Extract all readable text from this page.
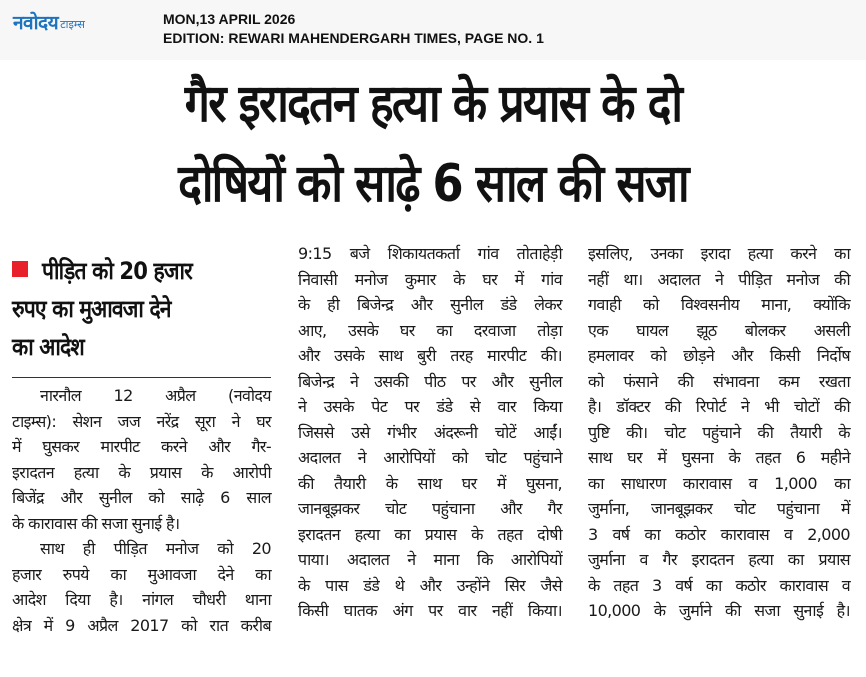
नवोदय टाइम्स	MON,13 APRIL 2026
EDITION: REWARI MAHENDERGARH TIMES, PAGE NO. 1
गैर इरादतन हत्या के प्रयास के दो
दोषियों को साढ़े 6 साल की सजा
पीड़ित को 20 हजार
रुपए का मुआवजा देने
का आदेश
नारनौल 12 अप्रैल (नवोदय
टाइम्स): सेशन जज नरेंद्र सूरा ने घर
में घुसकर मारपीट करने और गैर-
इरादतन हत्या के प्रयास के आरोपी
बिजेंद्र और सुनील को साढ़े 6 साल
के कारावास की सजा सुनाई है।
साथ ही पीड़ित मनोज को 20
हजार रुपये का मुआवजा देने का
आदेश दिया है। नांगल चौधरी थाना
क्षेत्र में 9 अप्रैल 2017 को रात करीब
9:15 बजे शिकायतकर्ता गांव तोताहेड़ी
निवासी मनोज कुमार के घर में गांव
के ही बिजेन्द्र और सुनील डंडे लेकर
आए, उसके घर का दरवाजा तोड़ा
और उसके साथ बुरी तरह मारपीट की।
बिजेन्द्र ने उसकी पीठ पर और सुनील
ने उसके पेट पर डंडे से वार किया
जिससे उसे गंभीर अंदरूनी चोटें आईं।
अदालत ने आरोपियों को चोट पहुंचाने
की तैयारी के साथ घर में घुसना,
जानबूझकर चोट पहुंचाना और गैर
इरादतन हत्या का प्रयास के तहत दोषी
पाया। अदालत ने माना कि आरोपियों
के पास डंडे थे और उन्होंने सिर जैसे
किसी घातक अंग पर वार नहीं किया।
इसलिए, उनका इरादा हत्या करने का
नहीं था। अदालत ने पीड़ित मनोज की
गवाही को विश्वसनीय माना, क्योंकि
एक घायल झूठ बोलकर असली
हमलावर को छोड़ने और किसी निर्दोष
को फंसाने की संभावना कम रखता
है। डॉक्टर की रिपोर्ट ने भी चोटों की
पुष्टि की। चोट पहुंचाने की तैयारी के
साथ घर में घुसना के तहत 6 महीने
का साधारण कारावास व 1,000 का
जुर्माना, जानबूझकर चोट पहुंचाना में
3 वर्ष का कठोर कारावास व 2,000
जुर्माना व गैर इरादतन हत्या का प्रयास
के तहत 3 वर्ष का कठोर कारावास व
10,000 के जुर्माने की सजा सुनाई है।
